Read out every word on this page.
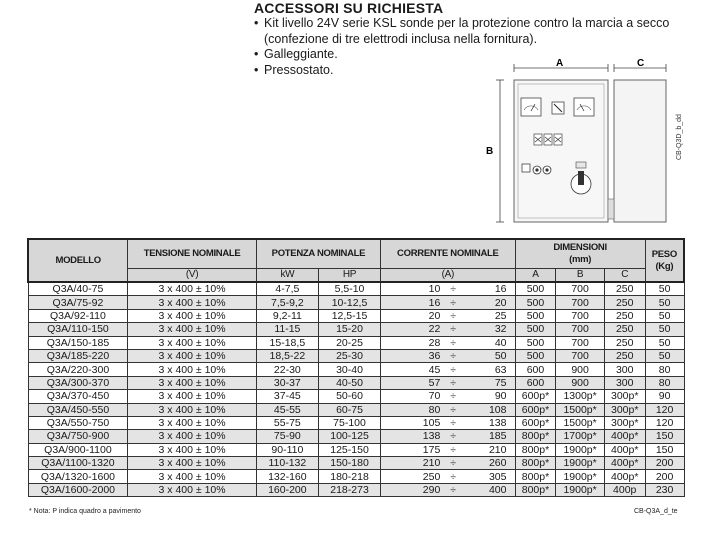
ACCESSORI SU RICHIESTA
• Kit livello 24V serie KSL sonde per la protezione contro la marcia a secco (confezione di tre elettrodi inclusa nella fornitura).
• Galleggiante.
• Pressostato.	A	C
B	CB-Q3D_b_dd
MODELLO	TENSIONE NOMINALE	POTENZA NOMINALE		CORRENTE NOMINALE		DIMENSIONI
(mm)			PESO
(Kg)
	(V)	kW	HP	(A)		A	B	C	
Q3A/40-75	3 x 400 ± 10%	4-7,5	5,5-10	10 ÷	16	500	700	250	50
Q3A/75-92	3 x 400 ± 10%	7,5-9,2	10-12,5	16 ÷	20	500	700	250	50
Q3A/92-110	3 x 400 ± 10%	9,2-11	12,5-15	20 ÷	25	500	700	250	50
Q3A/110-150	3 x 400 ± 10%	11-15	15-20	22 ÷	32	500	700	250	50
Q3A/150-185	3 x 400 ± 10%	15-18,5	20-25	28 ÷	40	500	700	250	50
Q3A/185-220	3 x 400 ± 10%	18,5-22	25-30	36 ÷	50	500	700	250	50
Q3A/220-300	3 x 400 ± 10%	22-30	30-40	45 ÷	63	600	900	300	80
Q3A/300-370	3 x 400 ± 10%	30-37	40-50	57 ÷	75	600	900	300	80
Q3A/370-450	3 x 400 ± 10%	37-45	50-60	70 ÷	90	600p*	1300p*	300p*	90
Q3A/450-550	3 x 400 ± 10%	45-55	60-75	80 ÷	108	600p*	1500p*	300p*	120
Q3A/550-750	3 x 400 ± 10%	55-75	75-100	105 ÷	138	600p*	1500p*	300p*	120
Q3A/750-900	3 x 400 ± 10%	75-90	100-125	138 ÷	185	800p*	1700p*	400p*	150
Q3A/900-1100	3 x 400 ± 10%	90-110	125-150	175 ÷	210	800p*	1900p*	400p*	150
Q3A/1100-1320	3 x 400 ± 10%	110-132	150-180	210 ÷	260	800p*	1900p*	400p*	200
Q3A/1320-1600	3 x 400 ± 10%	132-160	180-218	250 ÷	305	800p*	1900p*	400p*	200
Q3A/1600-2000	3 x 400 ± 10%	160-200	218-273	290 ÷	400	800p*	1900p*	400p	230
* Nota: P indica quadro a pavimento	CB-Q3A_d_te
